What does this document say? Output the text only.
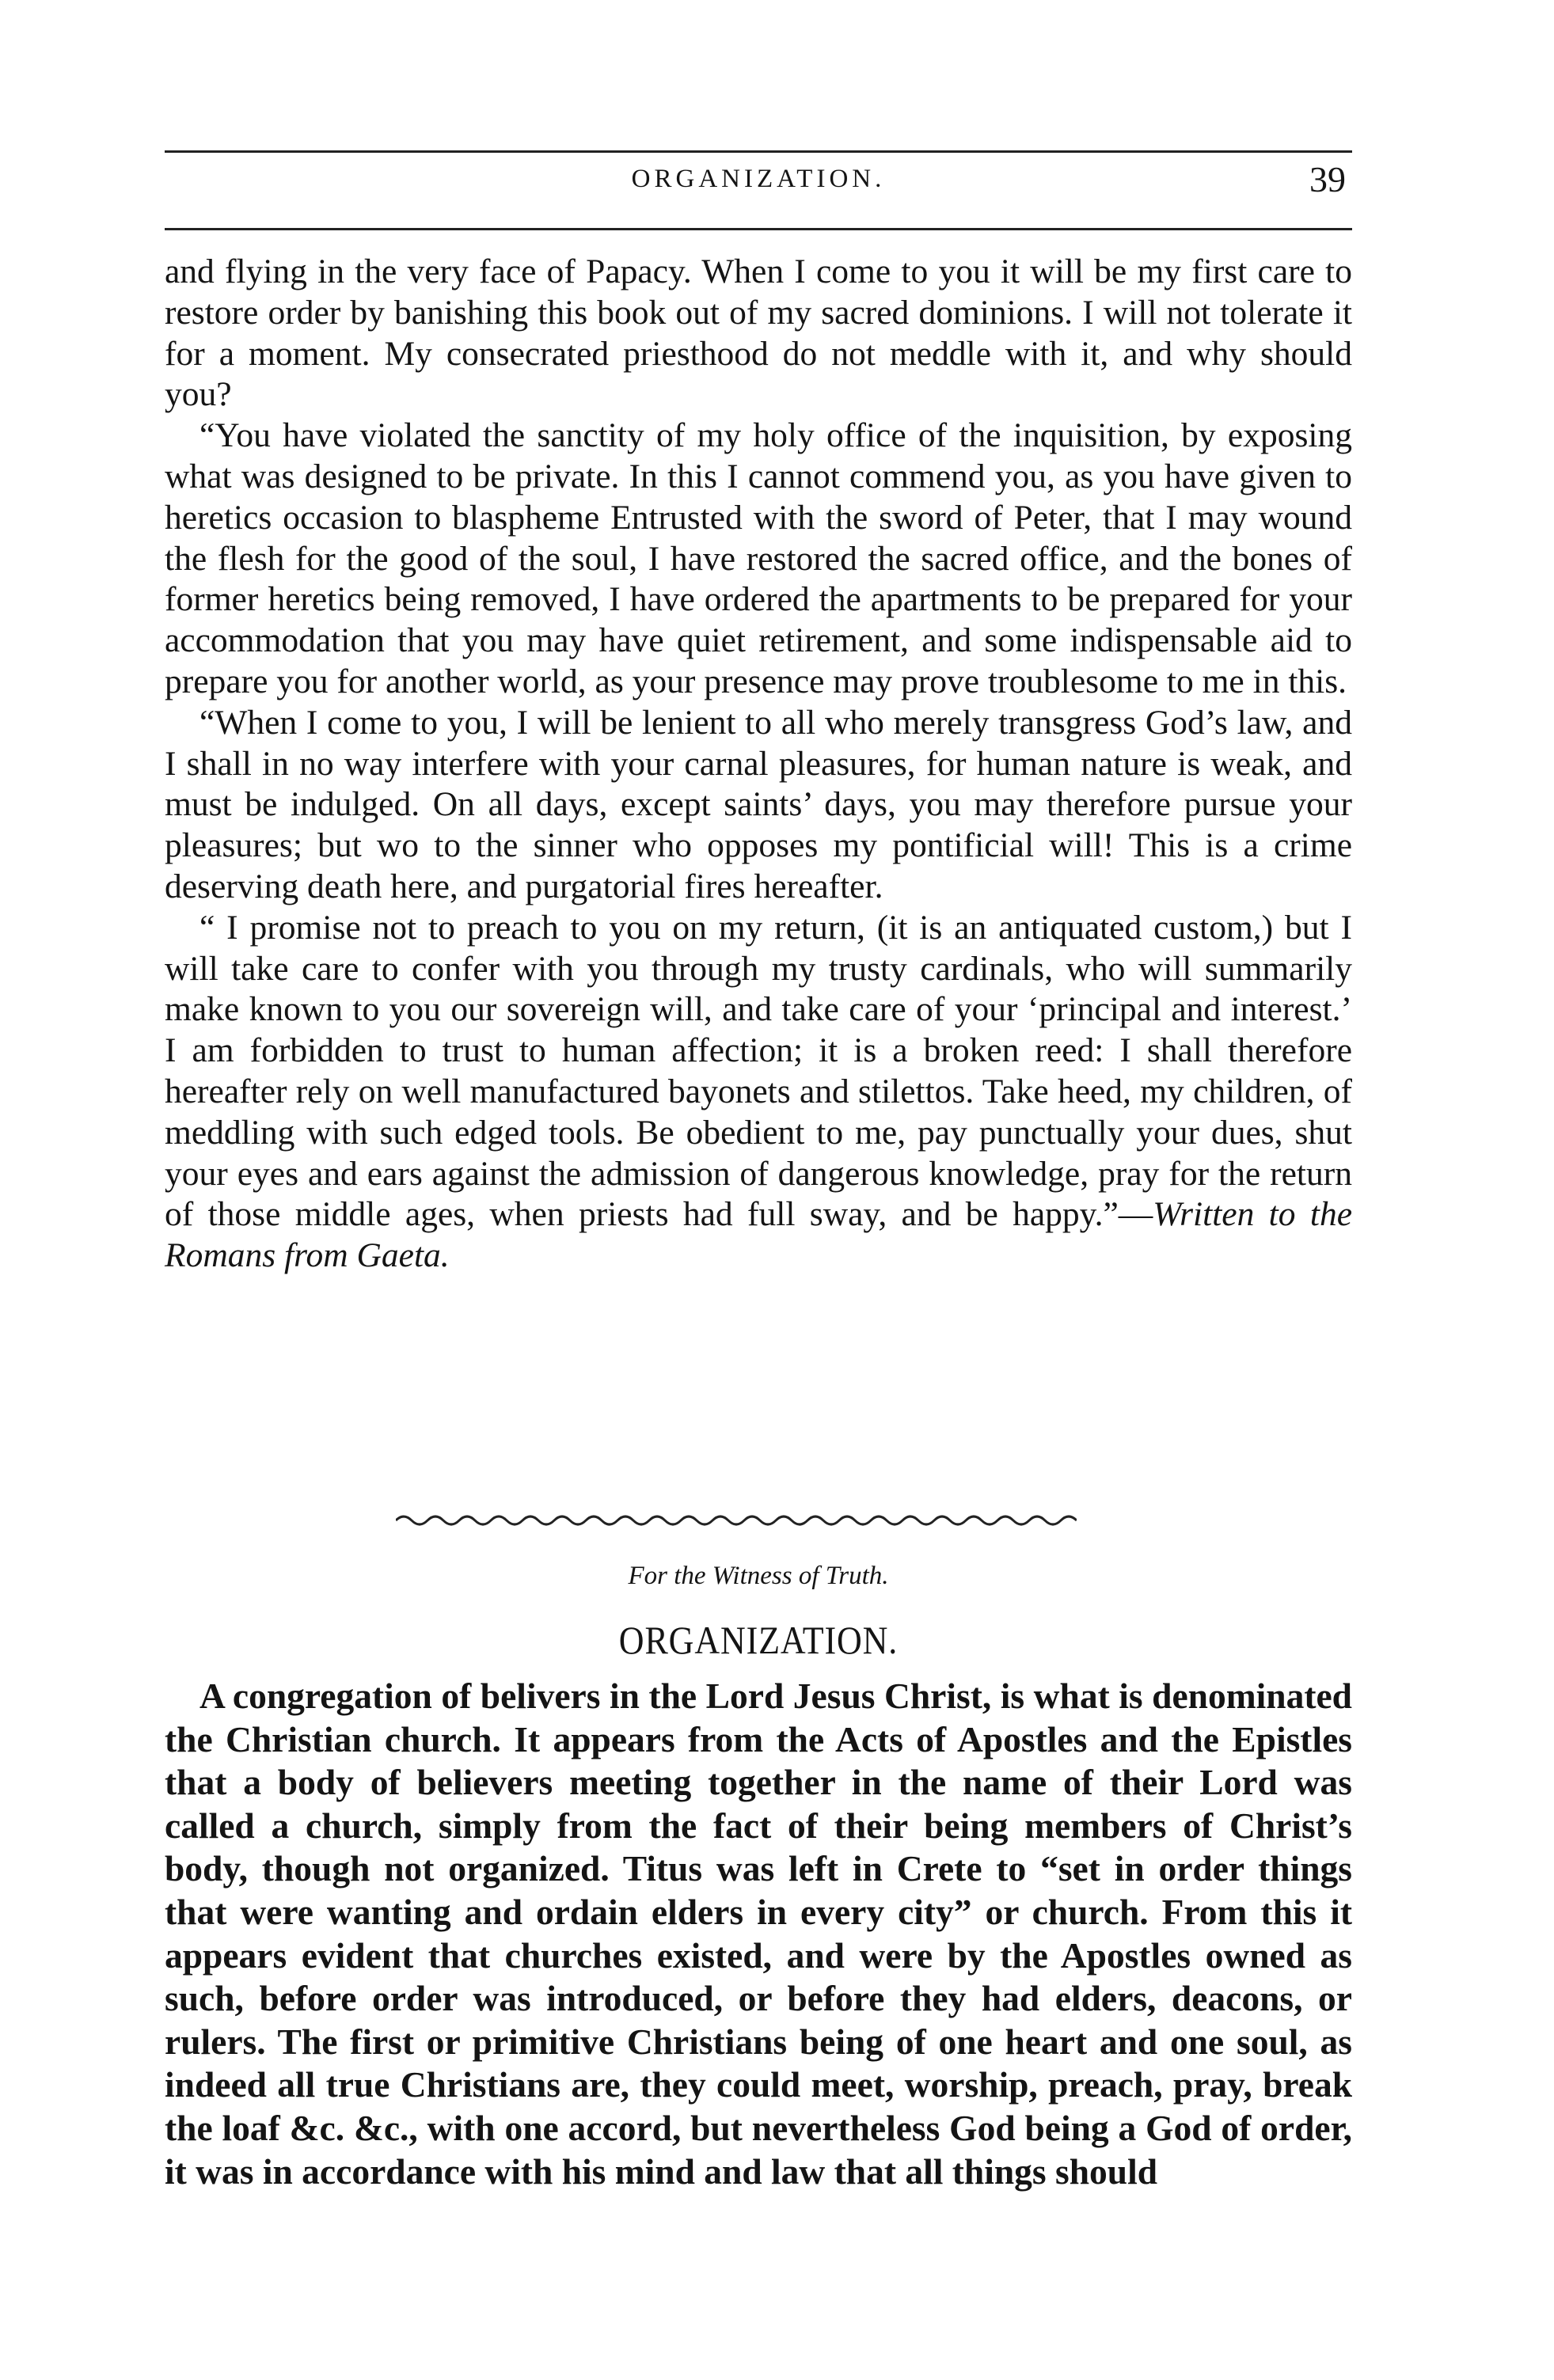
ORGANIZATION.	39

and flying in the very face of Papacy. When I come to you it will be my first care to restore order by banishing this book out of my sacred dominions. I will not tolerate it for a moment. My consecrated priesthood do not meddle with it, and why should you?

“You have violated the sanctity of my holy office of the inquisition, by exposing what was designed to be private. In this I cannot commend you, as you have given to heretics occasion to blaspheme Entrusted with the sword of Peter, that I may wound the flesh for the good of the soul, I have restored the sacred office, and the bones of former heretics being removed, I have ordered the apartments to be prepared for your accommodation that you may have quiet retirement, and some indispensable aid to prepare you for another world, as your presence may prove troublesome to me in this.

“When I come to you, I will be lenient to all who merely transgress God’s law, and I shall in no way interfere with your carnal pleasures, for human nature is weak, and must be indulged. On all days, except saints’ days, you may therefore pursue your pleasures; but wo to the sinner who opposes my pontificial will! This is a crime deserving death here, and purgatorial fires hereafter.

“ I promise not to preach to you on my return, (it is an antiquated custom,) but I will take care to confer with you through my trusty cardinals, who will summarily make known to you our sovereign will, and take care of your ‘principal and interest.’ I am forbidden to trust to human affection; it is a broken reed: I shall therefore hereafter rely on well manufactured bayonets and stilettos. Take heed, my children, of meddling with such edged tools. Be obedient to me, pay punctually your dues, shut your eyes and ears against the admission of dangerous knowledge, pray for the return of those middle ages, when priests had full sway, and be happy.”—Written to the Romans from Gaeta.

For the Witness of Truth.
ORGANIZATION.

A congregation of belivers in the Lord Jesus Christ, is what is denominated the Christian church. It appears from the Acts of Apostles and the Epistles that a body of believers meeting together in the name of their Lord was called a church, simply from the fact of their being members of Christ’s body, though not organized. Titus was left in Crete to “set in order things that were wanting and ordain elders in every city” or church. From this it appears evident that churches existed, and were by the Apostles owned as such, before order was introduced, or before they had elders, deacons, or rulers. The first or primitive Christians being of one heart and one soul, as indeed all true Christians are, they could meet, worship, preach, pray, break the loaf &c. &c., with one accord, but nevertheless God being a God of order, it was in accordance with his mind and law that all things should
